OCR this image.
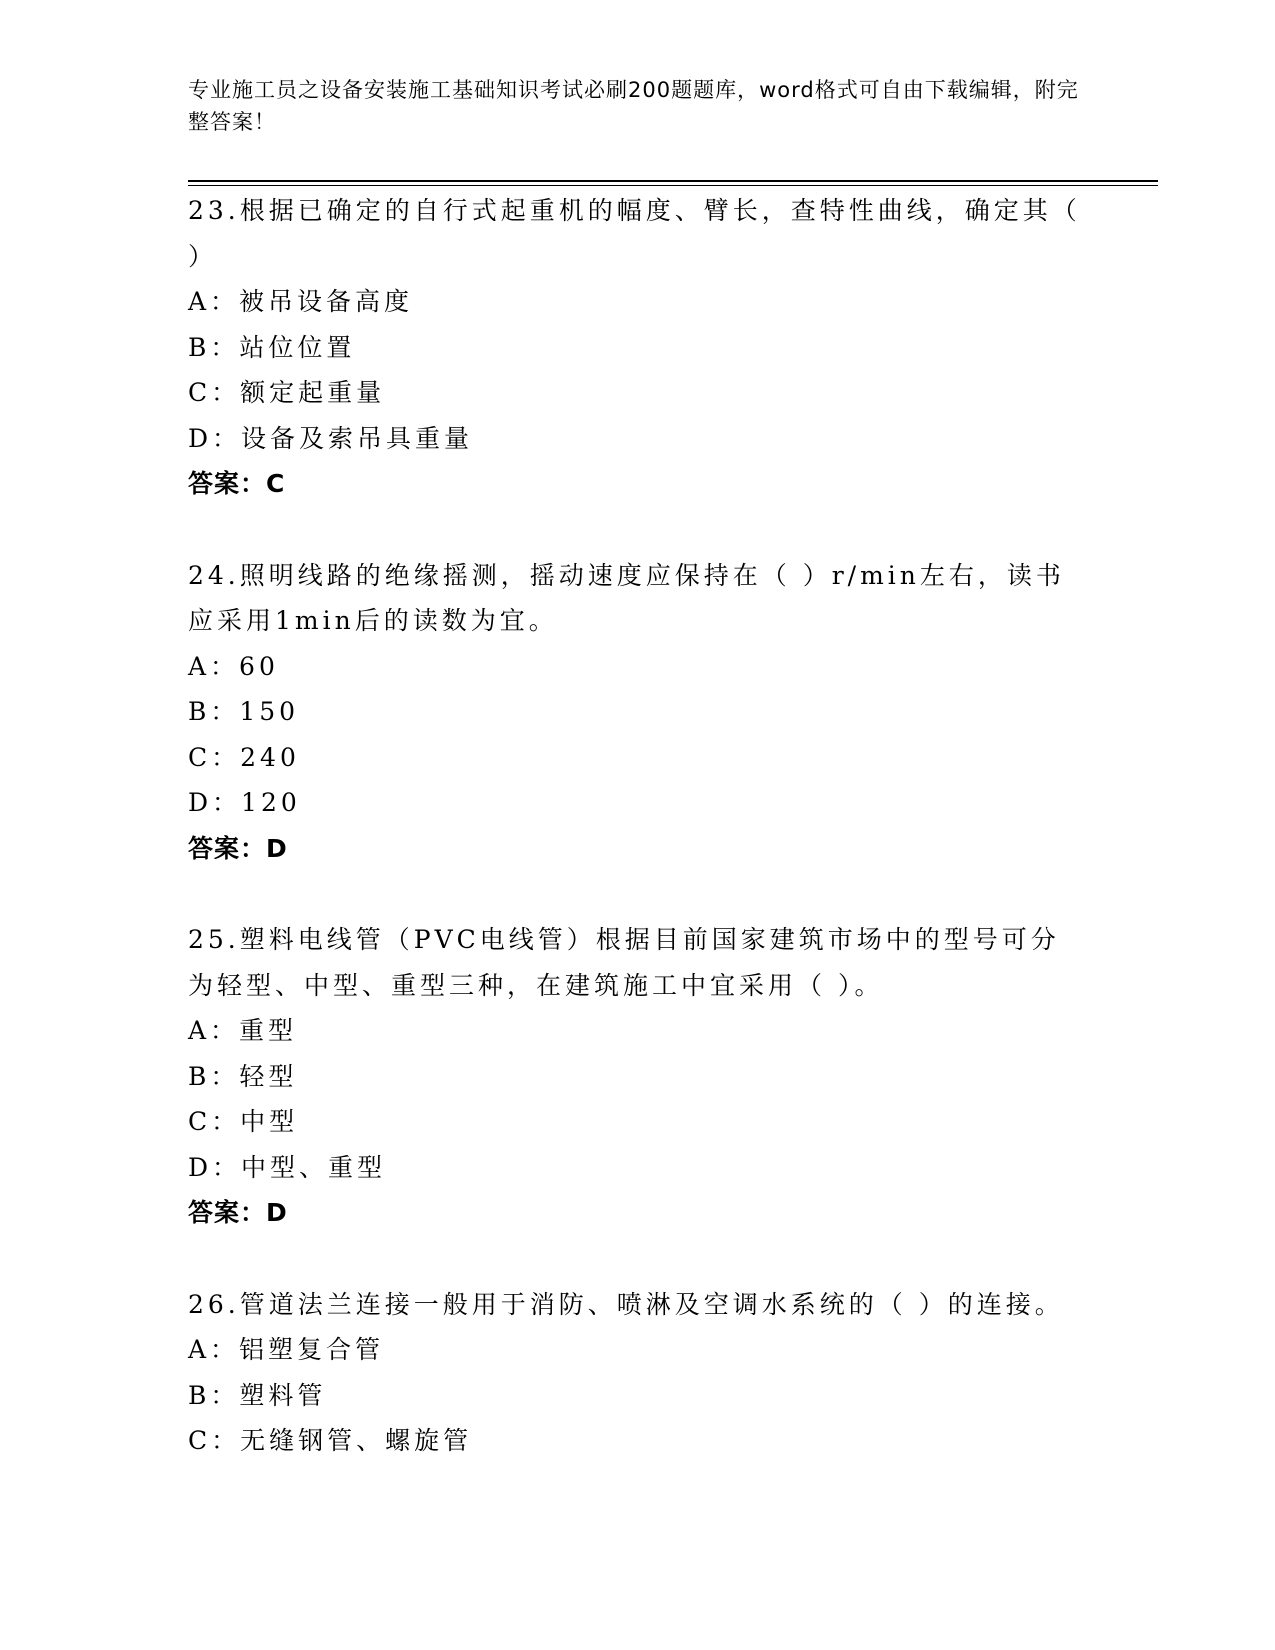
专业施工员之设备安装施工基础知识考试必刷200题题库，word格式可自由下载编辑，附完整答案！
23.根据已确定的自行式起重机的幅度、臂长，查特性曲线，确定其（ ）
A：被吊设备高度
B：站位位置
C：额定起重量
D：设备及索吊具重量
答案：C
24.照明线路的绝缘摇测，摇动速度应保持在（ ）r/min左右，读书应采用1min后的读数为宜。
A：60
B：150
C：240
D：120
答案：D
25.塑料电线管（PVC电线管）根据目前国家建筑市场中的型号可分为轻型、中型、重型三种，在建筑施工中宜采用（ ）。
A：重型
B：轻型
C：中型
D：中型、重型
答案：D
26.管道法兰连接一般用于消防、喷淋及空调水系统的（ ）的连接。
A：铝塑复合管
B：塑料管
C：无缝钢管、螺旋管
